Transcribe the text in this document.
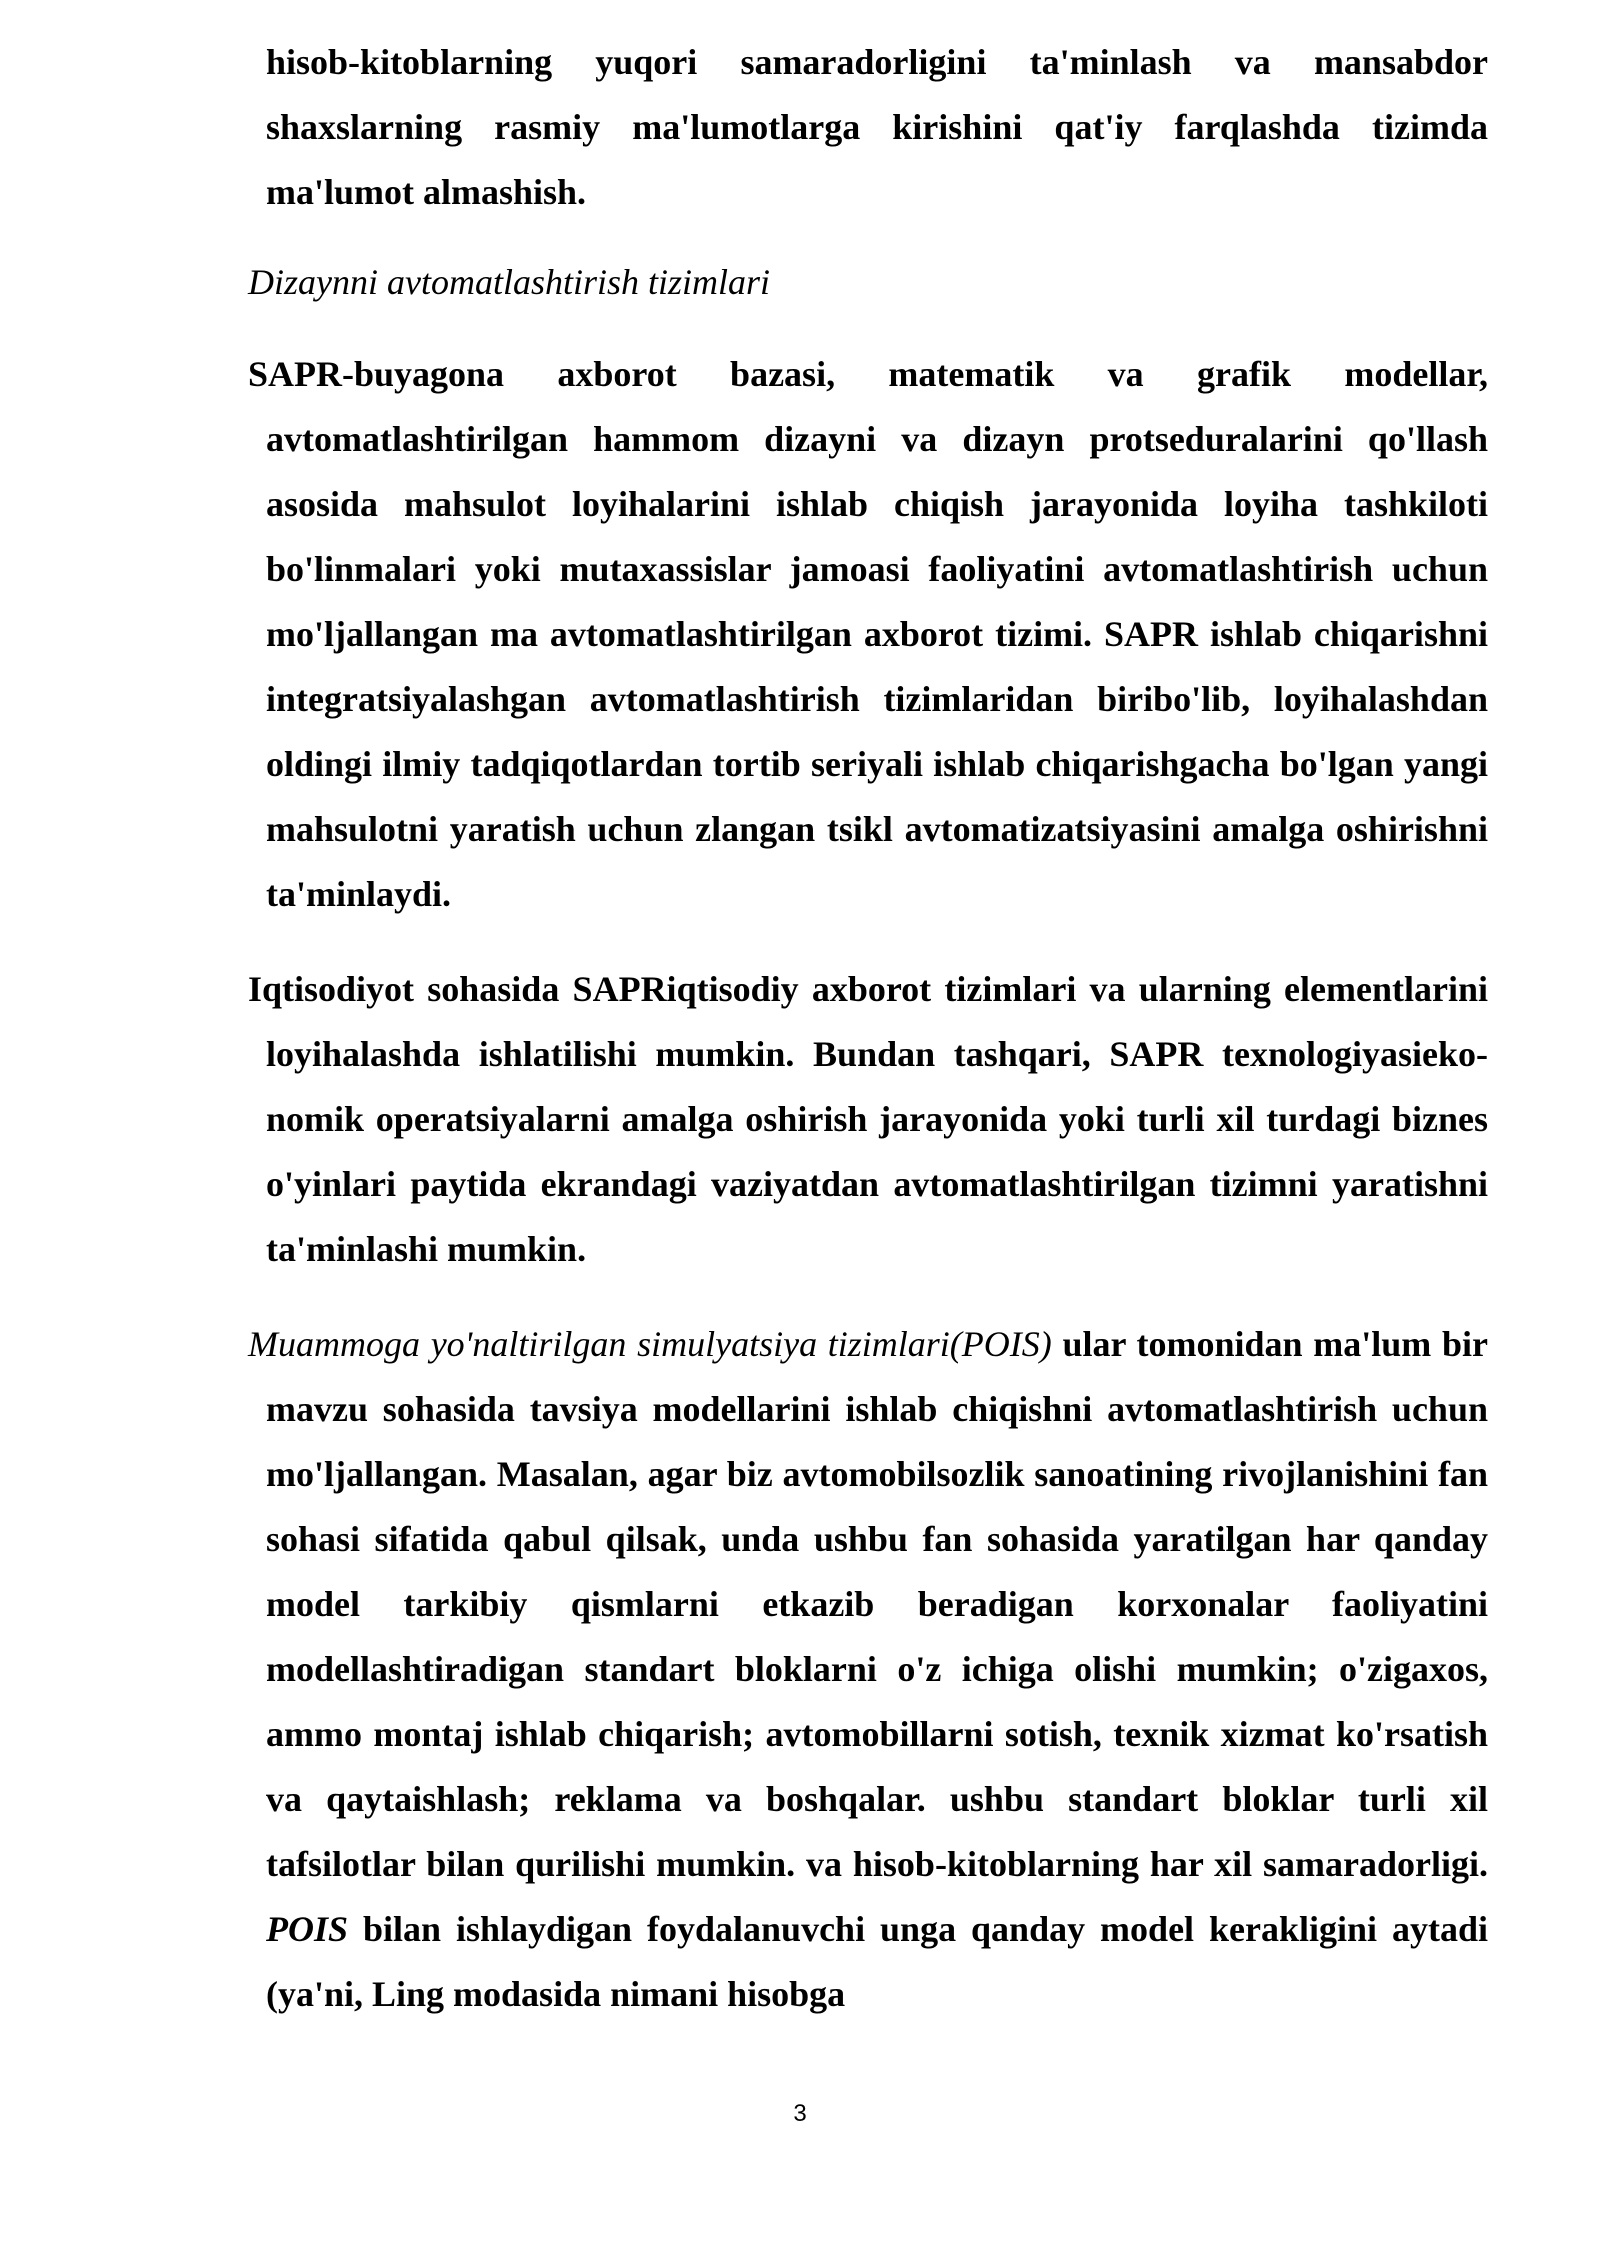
hisob-kitoblarning yuqori samaradorligini ta'minlash va mansabdor shaxslarning rasmiy ma'lumotlarga kirishini qat'iy farqlashda tizimda ma'lumot almashish.

Dizaynni avtomatlashtirish tizimlari

SAPR-buyagona axborot bazasi, matematik va grafik modellar, avtomatlashtirilgan hammom dizayni va dizayn protseduralarini qo'llash asosida mahsulot loyihalarini ishlab chiqish jarayonida loyiha tashkiloti bo'linmalari yoki mutaxassislar jamoasi faoliyatini avtomatlashtirish uchun mo'ljallangan ma avtomatlashtirilgan axborot tizimi. SAPR ishlab chiqarishni integratsiyalashgan avtomatlashtirish tizimlaridan biribo'lib, loyihalashdan oldingi ilmiy tadqiqotlardan tortib seriyali ishlab chiqarishgacha bo'lgan yangi mahsulotni yaratish uchun zlangan tsikl avtomatizatsiyasini amalga oshirishni ta'minlaydi.

Iqtisodiyot sohasida SAPRiqtisodiy axborot tizimlari va ularning elementlarini loyihalashda ishlatilishi mumkin. Bundan tashqari, SAPR texnologiyasieko-nomik operatsiyalarni amalga oshirish jarayonida yoki turli xil turdagi biznes o'yinlari paytida ekrandagi vaziyatdan avtomatlashtirilgan tizimni yaratishni ta'minlashi mumkin.

Muammoga yo'naltirilgan simulyatsiya tizimlari(POIS) ular tomonidan ma'lum bir mavzu sohasida tavsiya modellarini ishlab chiqishni avtomatlashtirish uchun mo'ljallangan. Masalan, agar biz avtomobilsozlik sanoatining rivojlanishini fan sohasi sifatida qabul qilsak, unda ushbu fan sohasida yaratilgan har qanday model tarkibiy qismlarni etkazib beradigan korxonalar faoliyatini modellashtiradigan standart bloklarni o'z ichiga olishi mumkin; o'zigaxos, ammo montaj ishlab chiqarish; avtomobillarni sotish, texnik xizmat ko'rsatish va qaytaishlash; reklama va boshqalar. ushbu standart bloklar turli xil tafsilotlar bilan qurilishi mumkin. va hisob-kitoblarning har xil samaradorligi. POIS bilan ishlaydigan foydalanuvchi unga qanday model kerakligini aytadi (ya'ni, Ling modasida nimani hisobga

3
